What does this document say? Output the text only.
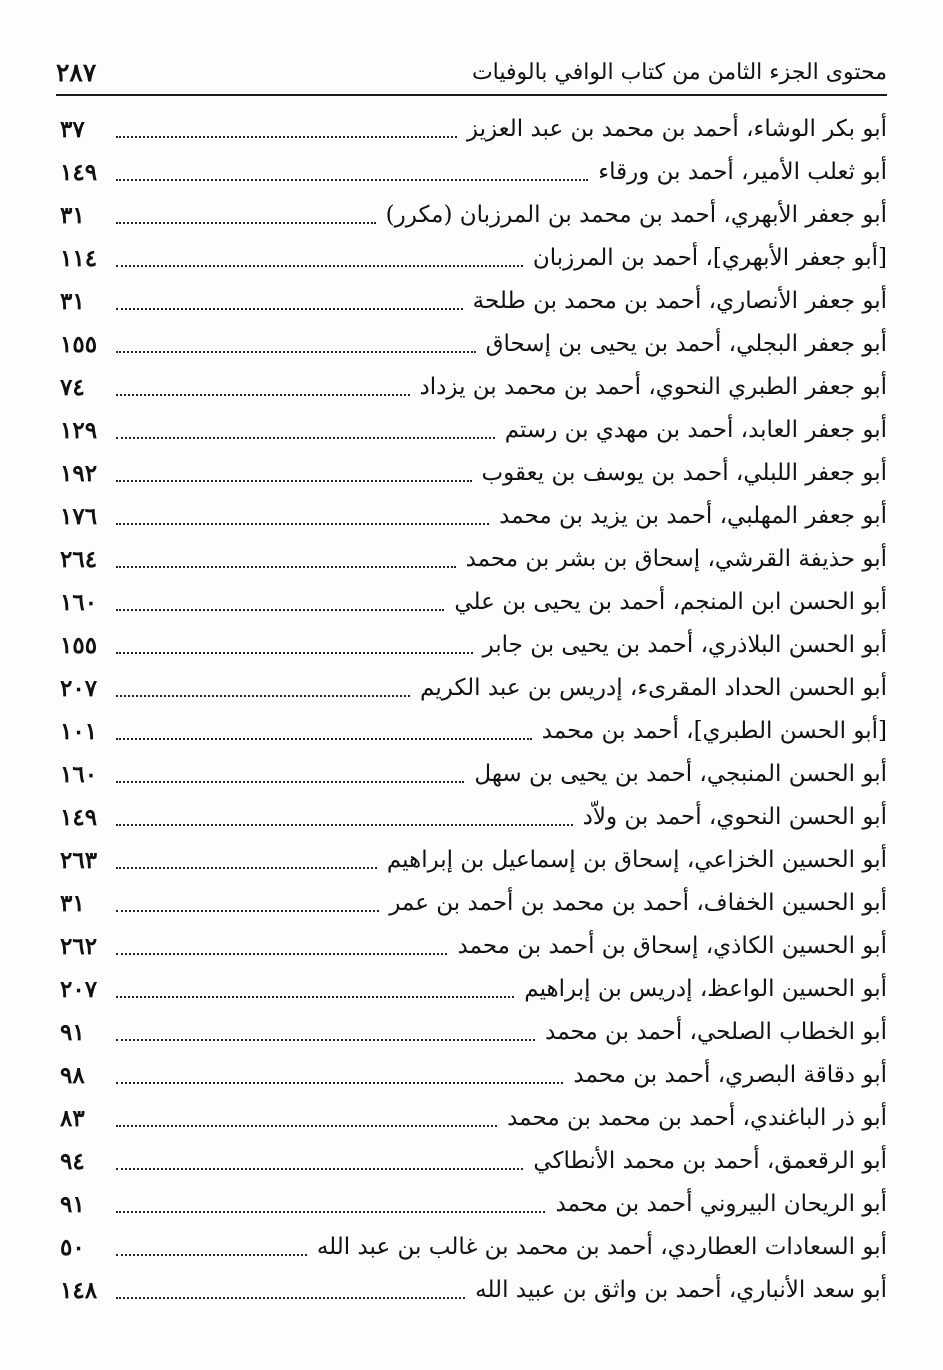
محتوى الجزء الثامن من كتاب الوافي بالوفيات
٢٨٧
أبو بكر الوشاء، أحمد بن محمد بن عبد العزيز
٣٧
أبو ثعلب الأمير، أحمد بن ورقاء
١٤٩
أبو جعفر الأبهري، أحمد بن محمد بن المرزبان (مكرر)
٣١
[أبو جعفر الأبهري]، أحمد بن المرزبان
١١٤
أبو جعفر الأنصاري، أحمد بن محمد بن طلحة
٣١
أبو جعفر البجلي، أحمد بن يحيى بن إسحاق
١٥٥
أبو جعفر الطبري النحوي، أحمد بن محمد بن يزداد
٧٤
أبو جعفر العابد، أحمد بن مهدي بن رستم
١٢٩
أبو جعفر اللبلي، أحمد بن يوسف بن يعقوب
١٩٢
أبو جعفر المهلبي، أحمد بن يزيد بن محمد
١٧٦
أبو حذيفة القرشي، إسحاق بن بشر بن محمد
٢٦٤
أبو الحسن ابن المنجم، أحمد بن يحيى بن علي
١٦٠
أبو الحسن البلاذري، أحمد بن يحيى بن جابر
١٥٥
أبو الحسن الحداد المقرىء، إدريس بن عبد الكريم
٢٠٧
[أبو الحسن الطبري]، أحمد بن محمد
١٠١
أبو الحسن المنبجي، أحمد بن يحيى بن سهل
١٦٠
أبو الحسن النحوي، أحمد بن ولاّد
١٤٩
أبو الحسين الخزاعي، إسحاق بن إسماعيل بن إبراهيم
٢٦٣
أبو الحسين الخفاف، أحمد بن محمد بن أحمد بن عمر
٣١
أبو الحسين الكاذي، إسحاق بن أحمد بن محمد
٢٦٢
أبو الحسين الواعظ، إدريس بن إبراهيم
٢٠٧
أبو الخطاب الصلحي، أحمد بن محمد
٩١
أبو دقاقة البصري، أحمد بن محمد
٩٨
أبو ذر الباغندي، أحمد بن محمد بن محمد
٨٣
أبو الرقعمق، أحمد بن محمد الأنطاكي
٩٤
أبو الريحان البيروني أحمد بن محمد
٩١
أبو السعادات العطاردي، أحمد بن محمد بن غالب بن عبد الله
٥٠
أبو سعد الأنباري، أحمد بن واثق بن عبيد الله
١٤٨
